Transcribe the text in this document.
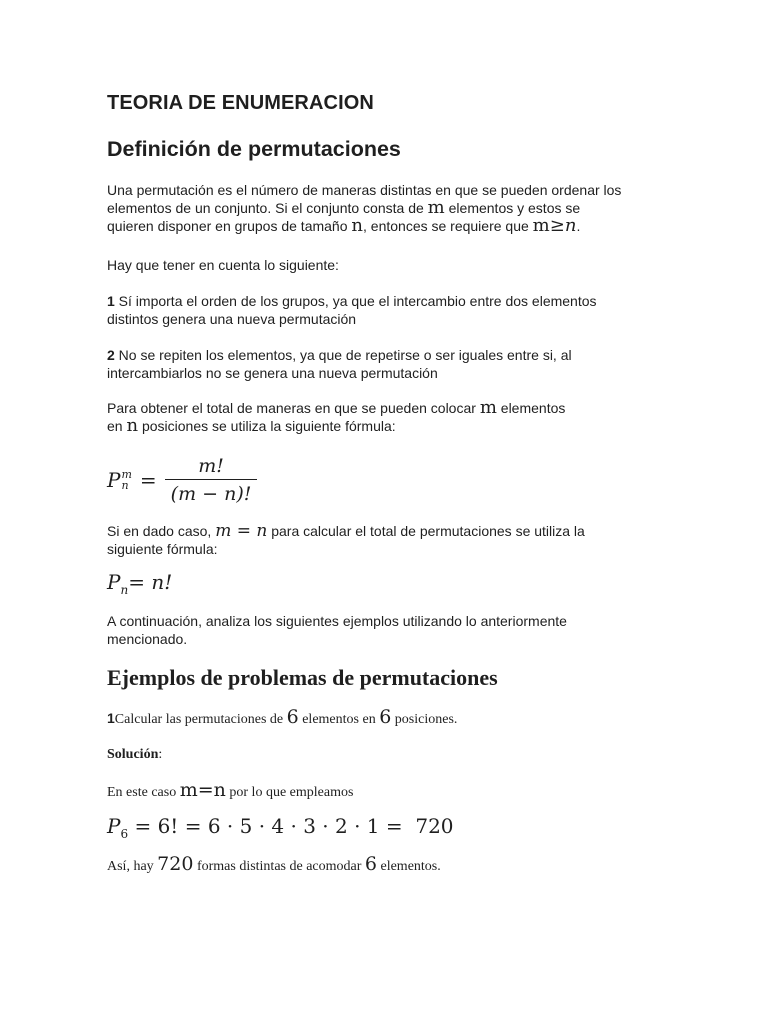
TEORIA DE ENUMERACION
Definición de permutaciones

Una permutación es el número de maneras distintas en que se pueden ordenar los
elementos de un conjunto. Si el conjunto consta de m elementos y estos se
quieren disponer en grupos de tamaño n, entonces se requiere que m≥n.

Hay que tener en cuenta lo siguiente:

1 Sí importa el orden de los grupos, ya que el intercambio entre dos elementos
distintos genera una nueva permutación

2 No se repiten los elementos, ya que de repetirse o ser iguales entre si, al
intercambiarlos no se genera una nueva permutación

Para obtener el total de maneras en que se pueden colocar m elementos
en n posiciones se utiliza la siguiente fórmula:

P m
$n = \frac{m!}{(m - n)!}$

Si en dado caso, m = n para calcular el total de permutaciones se utiliza la
siguiente fórmula:

P n = n!

A continuación, analiza los siguientes ejemplos utilizando lo anteriormente
mencionado.

Ejemplos de problemas de permutaciones

1Calcular las permutaciones de 6 elementos en 6 posiciones.

Solución:

En este caso m=n por lo que empleamos

P 6 = 6! = 6 · 5 · 4 · 3 · 2 · 1 =  720

Así, hay 720 formas distintas de acomodar 6 elementos.
